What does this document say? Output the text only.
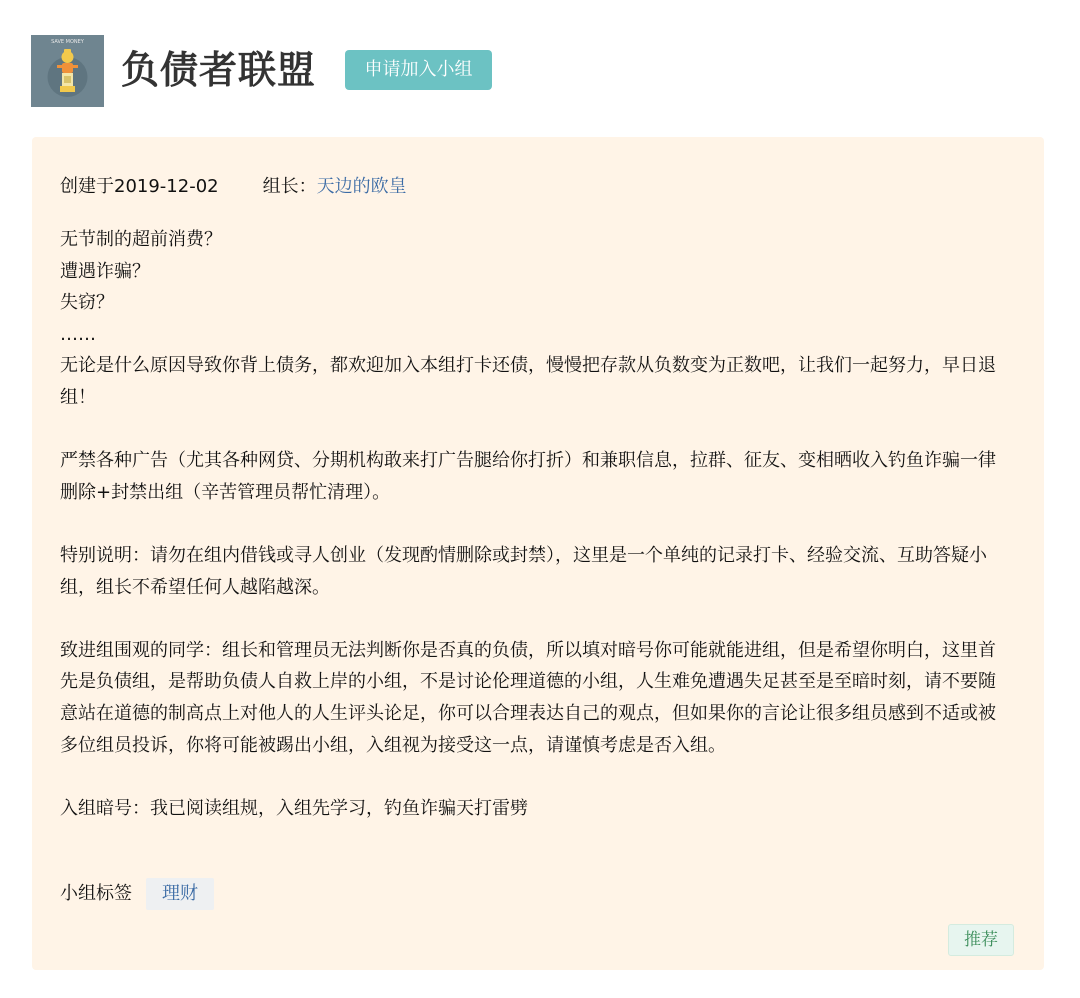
SAVE MONEY
负债者联盟	申请加入小组
创建于2019-12-02 组长：天边的欧皇

无节制的超前消费？

遭遇诈骗？

失窃？

……

无论是什么原因导致你背上债务，都欢迎加入本组打卡还债，慢慢把存款从负数变为正数吧，让我们一起努力，早日退组！

严禁各种广告（尤其各种网贷、分期机构敢来打广告腿给你打折）和兼职信息，拉群、征友、变相晒收入钓鱼诈骗一律删除+封禁出组（辛苦管理员帮忙清理）。

特别说明：请勿在组内借钱或寻人创业（发现酌情删除或封禁），这里是一个单纯的记录打卡、经验交流、互助答疑小组，组长不希望任何人越陷越深。

致进组围观的同学：组长和管理员无法判断你是否真的负债，所以填对暗号你可能就能进组，但是希望你明白，这里首先是负债组，是帮助负债人自救上岸的小组，不是讨论伦理道德的小组，人生难免遭遇失足甚至是至暗时刻，请不要随意站在道德的制高点上对他人的人生评头论足，你可以合理表达自己的观点，但如果你的言论让很多组员感到不适或被多位组员投诉，你将可能被踢出小组，入组视为接受这一点，请谨慎考虑是否入组。

入组暗号：我已阅读组规，入组先学习，钓鱼诈骗天打雷劈

小组标签 理财
推荐
